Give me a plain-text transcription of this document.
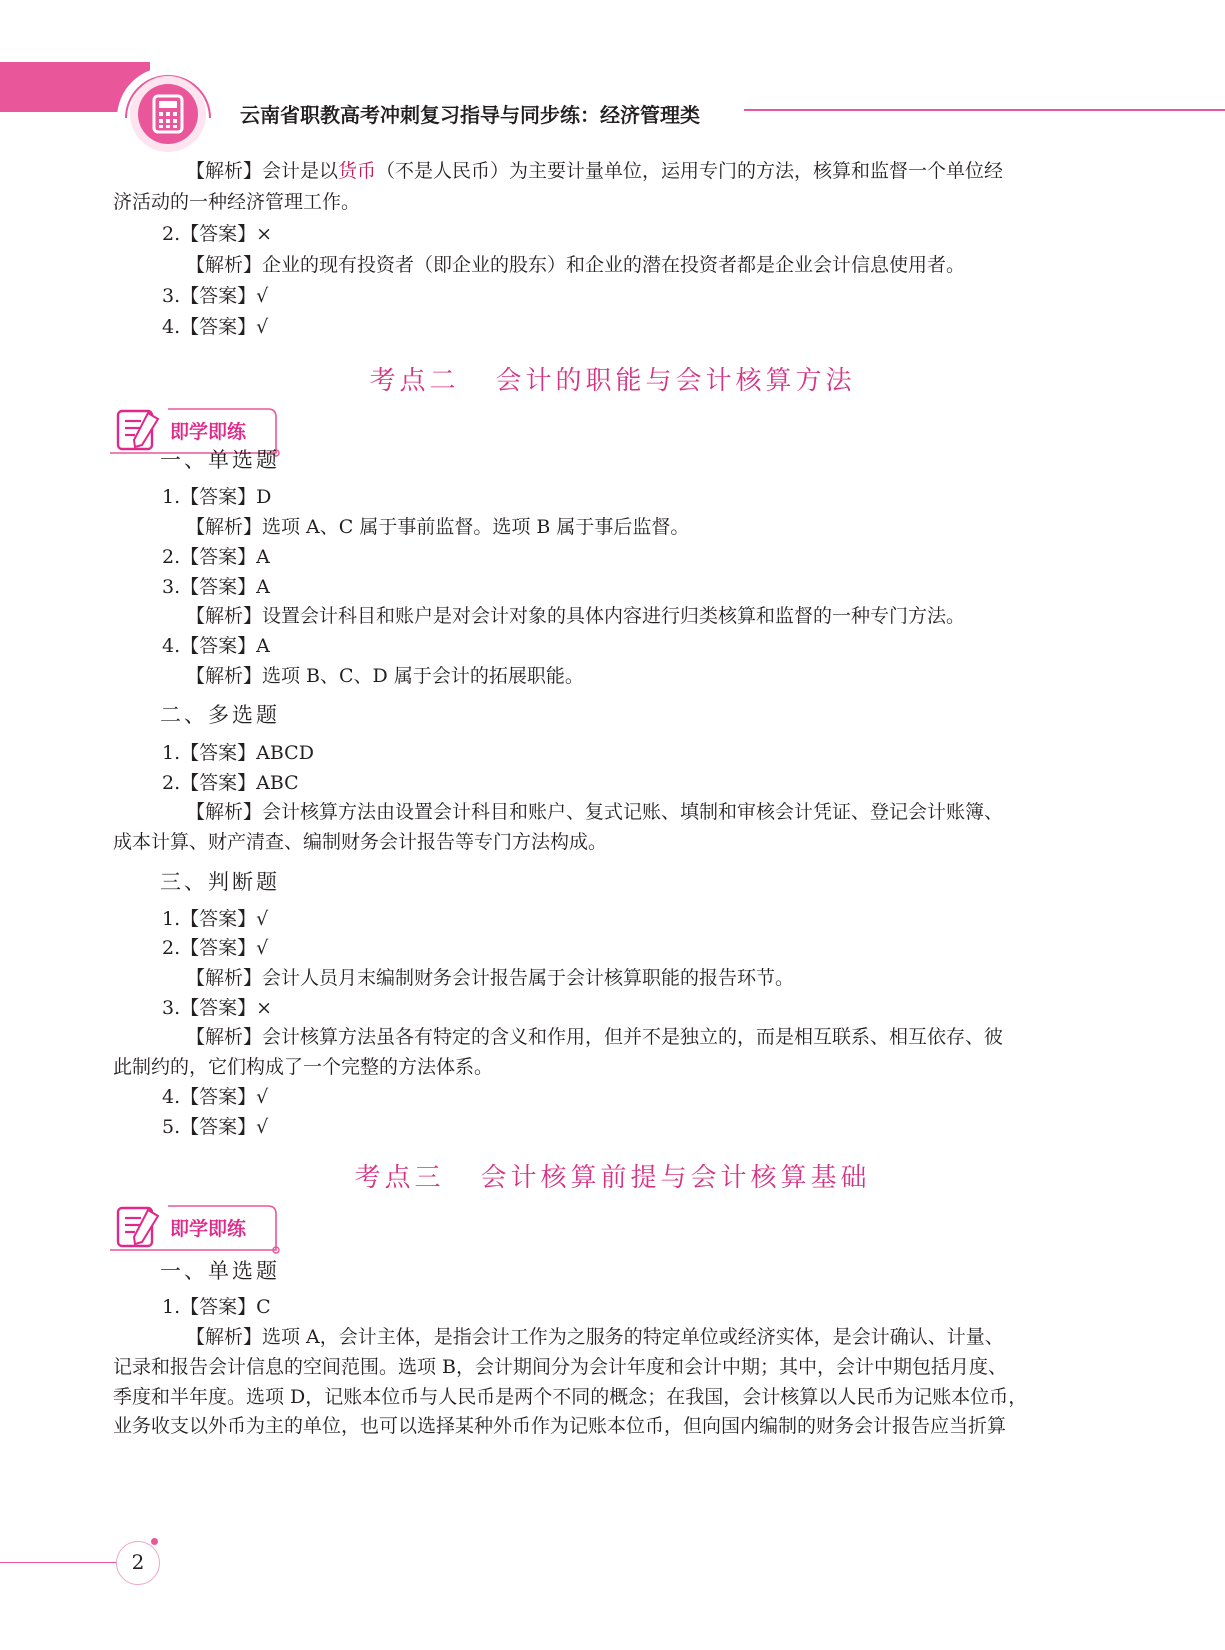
云南省职教高考冲刺复习指导与同步练：经济管理类
【解析】会计是以货币（不是人民币）为主要计量单位，运用专门的方法，核算和监督一个单位经
济活动的一种经济管理工作。
2.【答案】×
【解析】企业的现有投资者（即企业的股东）和企业的潜在投资者都是企业会计信息使用者。
3.【答案】√
4.【答案】√
考点二 会计的职能与会计核算方法
即学即练
一、单选题
1.【答案】D
【解析】选项 A、C 属于事前监督。选项 B 属于事后监督。
2.【答案】A
3.【答案】A
【解析】设置会计科目和账户是对会计对象的具体内容进行归类核算和监督的一种专门方法。
4.【答案】A
【解析】选项 B、C、D 属于会计的拓展职能。
二、多选题
1.【答案】ABCD
2.【答案】ABC
【解析】会计核算方法由设置会计科目和账户、复式记账、填制和审核会计凭证、登记会计账簿、
成本计算、财产清查、编制财务会计报告等专门方法构成。
三、判断题
1.【答案】√
2.【答案】√
【解析】会计人员月末编制财务会计报告属于会计核算职能的报告环节。
3.【答案】×
【解析】会计核算方法虽各有特定的含义和作用，但并不是独立的，而是相互联系、相互依存、彼
此制约的，它们构成了一个完整的方法体系。
4.【答案】√
5.【答案】√
考点三 会计核算前提与会计核算基础
即学即练
一、单选题
1.【答案】C
【解析】选项 A，会计主体，是指会计工作为之服务的特定单位或经济实体，是会计确认、计量、
记录和报告会计信息的空间范围。选项 B，会计期间分为会计年度和会计中期；其中，会计中期包括月度、
季度和半年度。选项 D，记账本位币与人民币是两个不同的概念；在我国，会计核算以人民币为记账本位币，
业务收支以外币为主的单位，也可以选择某种外币作为记账本位币，但向国内编制的财务会计报告应当折算
2
